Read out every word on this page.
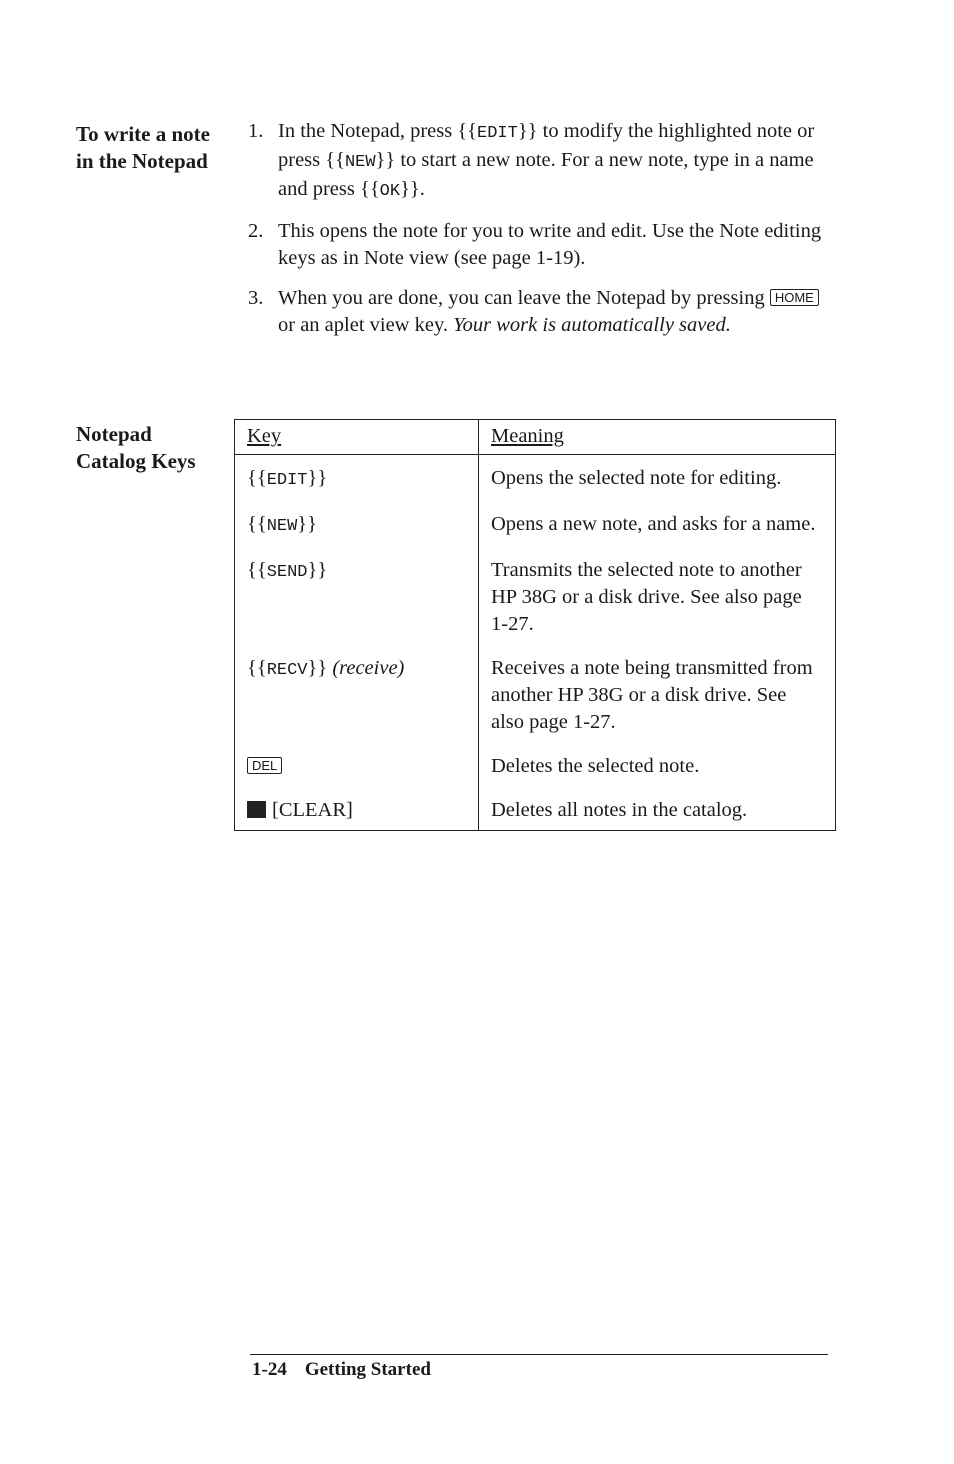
To write a note
in the Notepad
1. In the Notepad, press {{EDIT}} to modify the highlighted note or press {{NEW}} to start a new note. For a new note, type in a name and press {{OK}}.
2. This opens the note for you to write and edit. Use the Note editing keys as in Note view (see page 1-19).
3. When you are done, you can leave the Notepad by pressing HOME or an aplet view key. Your work is automatically saved.
Notepad
Catalog Keys
Key	Meaning
{{EDIT}}	Opens the selected note for editing.
{{NEW}}	Opens a new note, and asks for a name.
{{SEND}}	Transmits the selected note to another HP 38G or a disk drive. See also page 1-27.
{{RECV}} (receive)	Receives a note being transmitted from another HP 38G or a disk drive. See also page 1-27.
DEL	Deletes the selected note.
[CLEAR]	Deletes all notes in the catalog.
1-24 Getting Started
